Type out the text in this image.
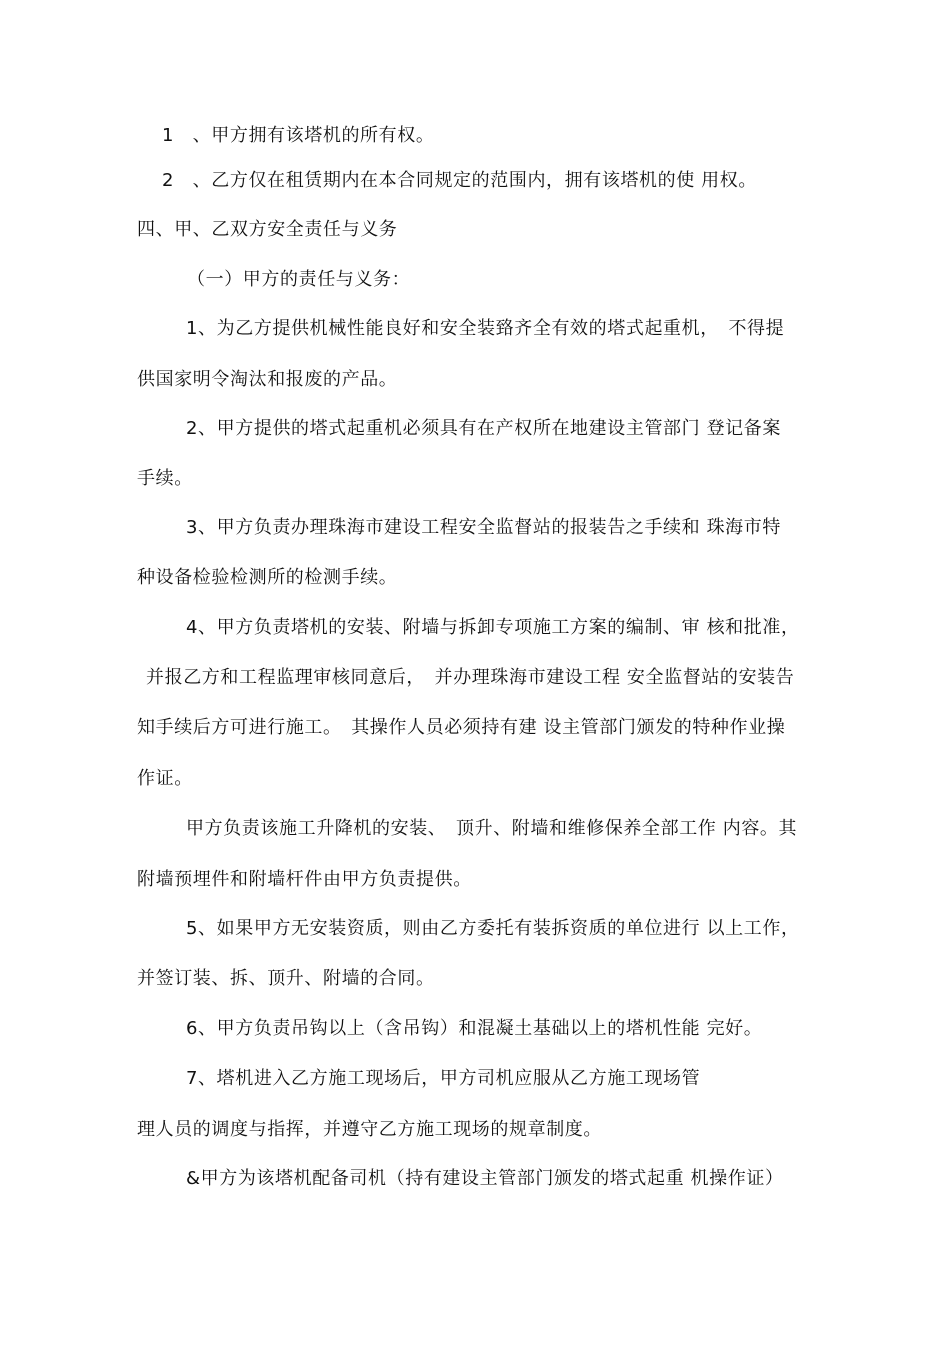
1　、甲方拥有该塔机的所有权。
2　、乙方仅在租赁期内在本合同规定的范围内，拥有该塔机的使 用权。
四、甲、乙双方安全责任与义务
（一）甲方的责任与义务：
1、为乙方提供机械性能良好和安全装臵齐全有效的塔式起重机，　不得提
供国家明令淘汰和报废的产品。
2、甲方提供的塔式起重机必须具有在产权所在地建设主管部门 登记备案
手续。
3、甲方负责办理珠海市建设工程安全监督站的报装告之手续和 珠海市特
种设备检验检测所的检测手续。
4、甲方负责塔机的安装、附墙与拆卸专项施工方案的编制、审 核和批准，
并报乙方和工程监理审核同意后，　并办理珠海市建设工程 安全监督站的安装告
知手续后方可进行施工。　其操作人员必须持有建 设主管部门颁发的特种作业操
作证。
甲方负责该施工升降机的安装、　顶升、附墙和维修保养全部工作 内容。其
附墙预埋件和附墙杆件由甲方负责提供。
5、如果甲方无安装资质，则由乙方委托有装拆资质的单位进行 以上工作，
并签订装、拆、顶升、附墙的合同。
6、甲方负责吊钩以上（含吊钩）和混凝土基础以上的塔机性能 完好。
7、塔机进入乙方施工现场后，甲方司机应服从乙方施工现场管
理人员的调度与指挥，并遵守乙方施工现场的规章制度。
&甲方为该塔机配备司机（持有建设主管部门颁发的塔式起重 机操作证）
